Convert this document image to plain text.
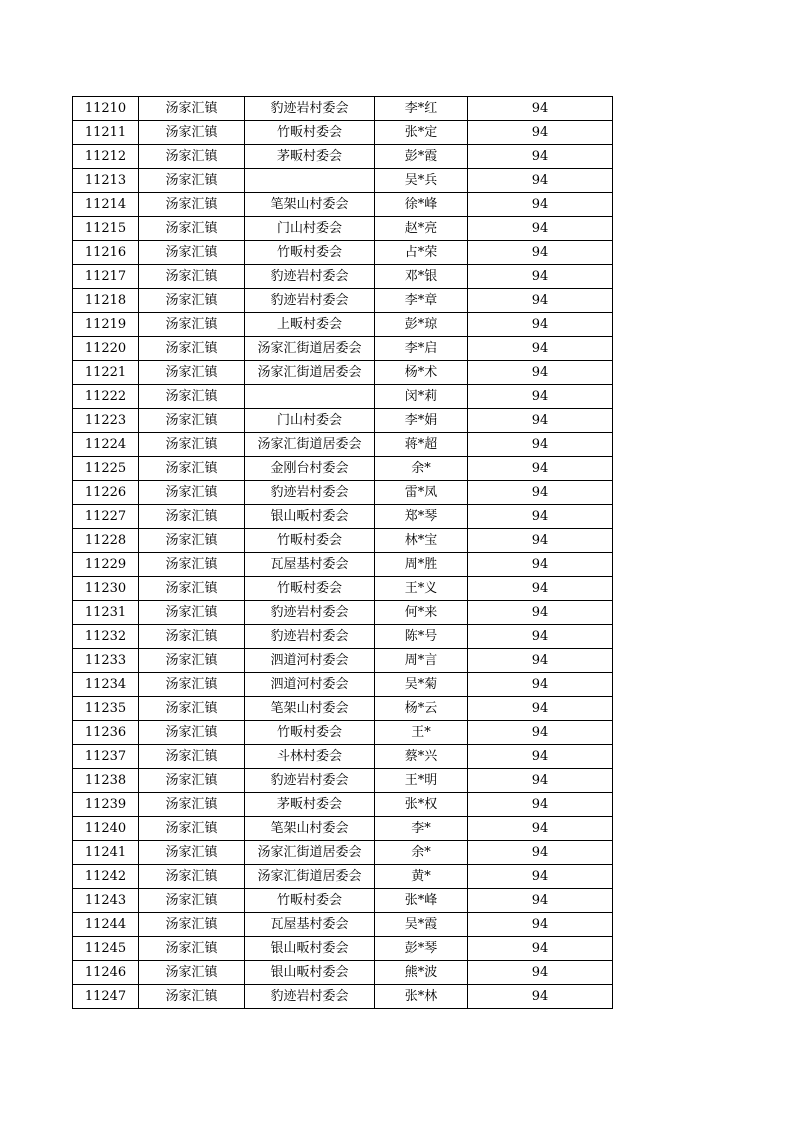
11210	汤家汇镇	豹迹岩村委会	李*红	94
11211	汤家汇镇	竹畈村委会	张*定	94
11212	汤家汇镇	茅畈村委会	彭*霞	94
11213	汤家汇镇		吴*兵	94
11214	汤家汇镇	笔架山村委会	徐*峰	94
11215	汤家汇镇	门山村委会	赵*亮	94
11216	汤家汇镇	竹畈村委会	占*荣	94
11217	汤家汇镇	豹迹岩村委会	邓*银	94
11218	汤家汇镇	豹迹岩村委会	李*章	94
11219	汤家汇镇	上畈村委会	彭*琼	94
11220	汤家汇镇	汤家汇街道居委会	李*启	94
11221	汤家汇镇	汤家汇街道居委会	杨*术	94
11222	汤家汇镇		闵*莉	94
11223	汤家汇镇	门山村委会	李*娟	94
11224	汤家汇镇	汤家汇街道居委会	蒋*超	94
11225	汤家汇镇	金刚台村委会	余*	94
11226	汤家汇镇	豹迹岩村委会	雷*凤	94
11227	汤家汇镇	银山畈村委会	郑*琴	94
11228	汤家汇镇	竹畈村委会	林*宝	94
11229	汤家汇镇	瓦屋基村委会	周*胜	94
11230	汤家汇镇	竹畈村委会	王*义	94
11231	汤家汇镇	豹迹岩村委会	何*来	94
11232	汤家汇镇	豹迹岩村委会	陈*号	94
11233	汤家汇镇	泗道河村委会	周*言	94
11234	汤家汇镇	泗道河村委会	吴*菊	94
11235	汤家汇镇	笔架山村委会	杨*云	94
11236	汤家汇镇	竹畈村委会	王*	94
11237	汤家汇镇	斗林村委会	蔡*兴	94
11238	汤家汇镇	豹迹岩村委会	王*明	94
11239	汤家汇镇	茅畈村委会	张*权	94
11240	汤家汇镇	笔架山村委会	李*	94
11241	汤家汇镇	汤家汇街道居委会	余*	94
11242	汤家汇镇	汤家汇街道居委会	黄*	94
11243	汤家汇镇	竹畈村委会	张*峰	94
11244	汤家汇镇	瓦屋基村委会	吴*霞	94
11245	汤家汇镇	银山畈村委会	彭*琴	94
11246	汤家汇镇	银山畈村委会	熊*波	94
11247	汤家汇镇	豹迹岩村委会	张*林	94
